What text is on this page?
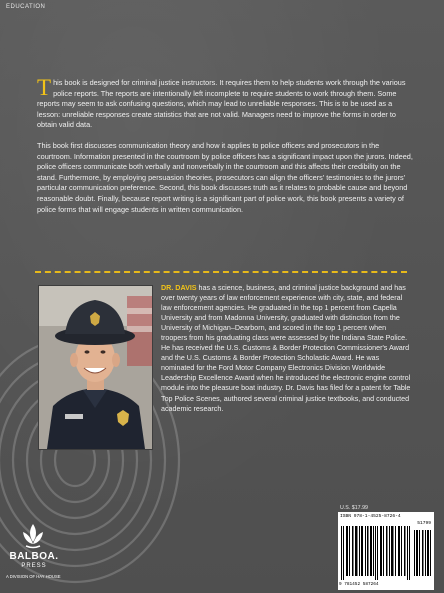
EDUCATION

This book is designed for criminal justice instructors. It requires them to help students work through the various police reports. The reports are intentionally left incomplete to require students to work through them. Some reports may seem to ask confusing questions, which may lead to unreliable responses. This is to be used as a lesson: unreliable responses create statistics that are not valid. Managers need to improve the forms in order to obtain valid data.

This book first discusses communication theory and how it applies to police officers and prosecutors in the courtroom. Information presented in the courtroom by police officers has a significant impact upon the jurors. Indeed, police officers communicate both verbally and nonverbally in the courtroom and this affects their credibility on the stand. Furthermore, by employing persuasion theories, prosecutors can align the officers' testimonies to the jurors' particular communication preference. Second, this book discusses truth as it relates to probable cause and beyond reasonable doubt. Finally, because report writing is a significant part of police work, this book presents a variety of police forms that will engage students in written communication.

DR. DAVIS has a science, business, and criminal justice background and has over twenty years of law enforcement experience with city, state, and federal law enforcement agencies. He graduated in the top 1 percent from Capella University and from Madonna University, graduated with distinction from the University of Michigan–Dearborn, and scored in the top 1 percent when troopers from his graduating class were assessed by the Indiana State Police. He has received the U.S. Customs & Border Protection Commissioner's Award and the U.S. Customs & Border Protection Scholastic Award. He was nominated for the Ford Motor Company Electronics Division Worldwide Leadership Excellence Award when he introduced the electronic engine control module into the pleasure boat industry. Dr. Davis has filed for a patent for Table Top Police Scenes, authored several criminal justice textbooks, and conducted academic research.
BALBOA.
PRESS
A DIVISION OF HAY HOUSE
U.S. $17.99
ISBN 978-1-4525-8726-4
51799
9 781452 587264
